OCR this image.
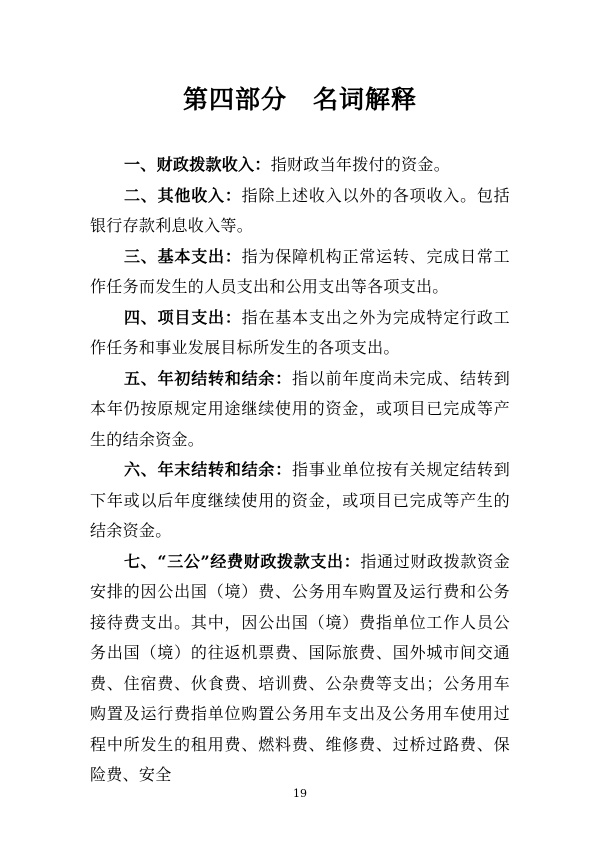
第四部分　名词解释

一、财政拨款收入：指财政当年拨付的资金。

二、其他收入：指除上述收入以外的各项收入。包括银行存款利息收入等。

三、基本支出：指为保障机构正常运转、完成日常工作任务而发生的人员支出和公用支出等各项支出。

四、项目支出：指在基本支出之外为完成特定行政工作任务和事业发展目标所发生的各项支出。

五、年初结转和结余：指以前年度尚未完成、结转到本年仍按原规定用途继续使用的资金，或项目已完成等产生的结余资金。

六、年末结转和结余：指事业单位按有关规定结转到下年或以后年度继续使用的资金，或项目已完成等产生的结余资金。

七、“三公”经费财政拨款支出：指通过财政拨款资金安排的因公出国（境）费、公务用车购置及运行费和公务接待费支出。其中，因公出国（境）费指单位工作人员公务出国（境）的往返机票费、国际旅费、国外城市间交通费、住宿费、伙食费、培训费、公杂费等支出；公务用车购置及运行费指单位购置公务用车支出及公务用车使用过程中所发生的租用费、燃料费、维修费、过桥过路费、保险费、安全

19
